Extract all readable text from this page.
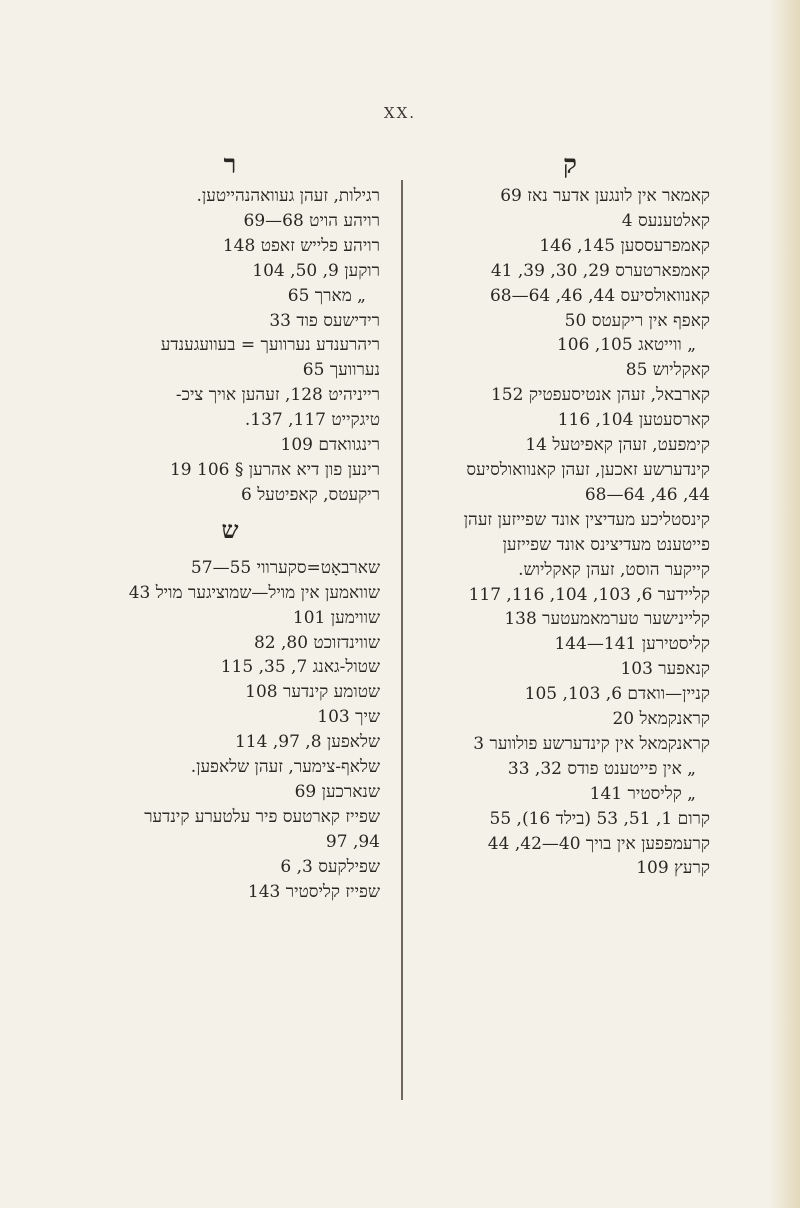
XX.
ק
קאמאר אין לונגען אדער נאז 69
קאלטענעס 4
קאמפרעססען 145, 146
קאמפארטערס 29, 30, 39, 41
קאנוואולסיעס 44, 46, 64—68
קאפף אין ריקעטס 50
„ ווייטאג 105, 106
קאקליוש 85
קארבאל, זעהן אנטיסעפטיק 152
קארסעטען 104, 116
קימפעט, זעהן קאפיטעל 14
קינדערשע זאכען, זעהן קאנוואולסיעס
44, 46, 64—68
קינסטליכע מעדיצין אונד שפייזען זעהן
פייטענט מעדיצינס אונד שפייזען
קייקער הוסט, זעהן קאקליוש.
קליידער 6, 103, 104, 116, 117
קליינישער טערמאמעטער 138
קליסטירען 141—144
קנאפער 103
קניין—וואדם 6, 103, 105
קראנקמאל 20
קראנקמאל אין קינדערשע פולווער 3
„ אין פייטענט פודס 32, 33
„ קליסטיר 141
קרום 1, 51, 53 (בילד 16), 55
קרעמפפען אין בויך 40—42, 44
קרעץ 109
ר
רגילות, זעהן געוואהנהייטען.
רויהע הויט 68—69
רויהע פלייש זאפט 148
רוקען 9, 50, 104
„ מארך 65
רידישעס פוד 33
ריהרענדע נערוועך = בעוועגענדע
נערוועך 65
רייניהיט 128, זעהען אויך ציכ-
טיגקייט 117, 137.
רינגוואדם 109
רינען פון דיא אהרען § 106 19
ריקעטס, קאפיטעל 6
ש
שארבאָט=סקערווי 55—57
שוואמען אין מויל—שמוציגער מויל 43
שווימען 101
שווינדזוכט 80, 82
שטול-גאנג 7, 35, 115
שטומע קינדער 108
שיך 103
שלאפען 8, 97, 114
שלאף-צימער, זעהן שלאפען.
שנארכען 69
שפייז קארטעס פיר עלטערע קינדער
94, 97
שפילקעס 3, 6
שפייז קליסטיר 143
